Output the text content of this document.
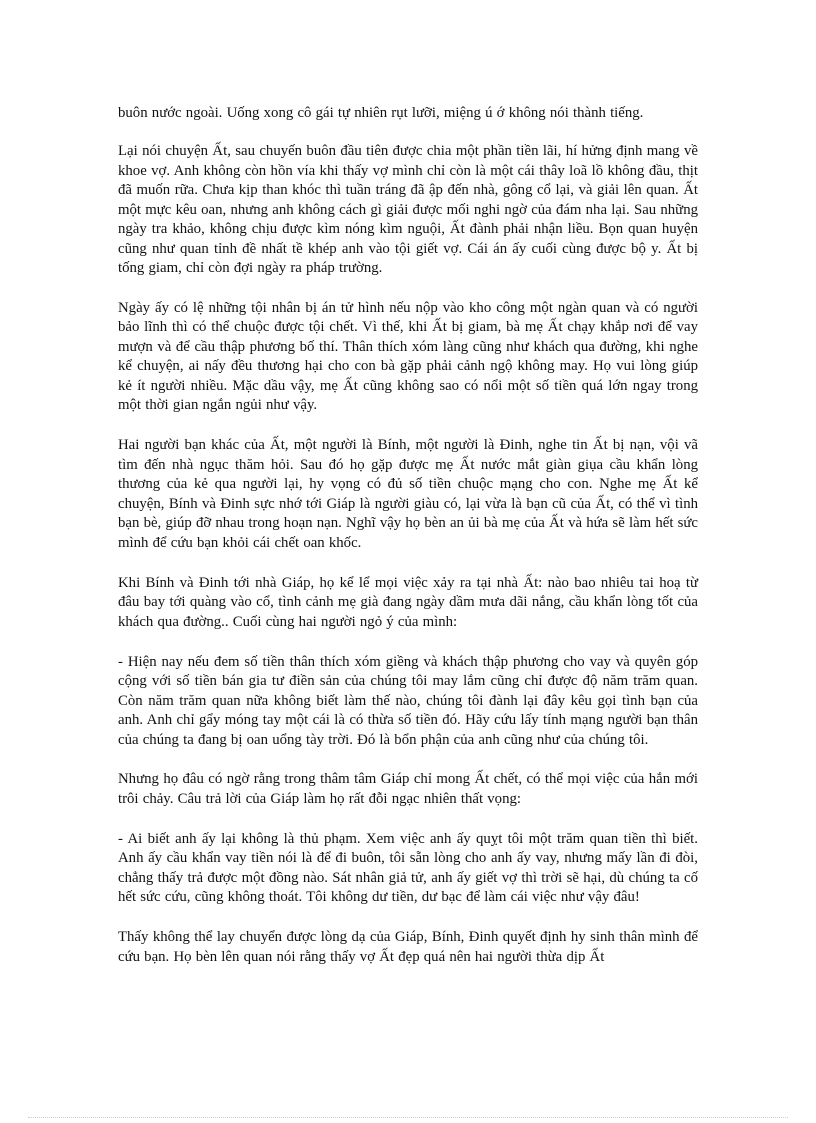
buôn nước ngoài. Uống xong cô gái tự nhiên rụt lưỡi, miệng ú ớ không nói thành tiếng.

Lại nói chuyện Ất, sau chuyến buôn đầu tiên được chia một phần tiền lãi, hí hửng định mang về khoe vợ. Anh không còn hồn vía khi thấy vợ mình chỉ còn là một cái thây loã lồ không đầu, thịt đã muốn rữa. Chưa kịp than khóc thì tuần tráng đã ập đến nhà, gông cổ lại, và giải lên quan. Ất một mực kêu oan, nhưng anh không cách gì giải được mối nghi ngờ của đám nha lại. Sau những ngày tra khảo, không chịu được kìm nóng kìm nguội, Ất đành phải nhận liều. Bọn quan huyện cũng như quan tỉnh đề nhất tề khép anh vào tội giết vợ. Cái án ấy cuối cùng được bộ y. Ất bị tống giam, chỉ còn đợi ngày ra pháp trường.

Ngày ấy có lệ những tội nhân bị án tử hình nếu nộp vào kho công một ngàn quan và có người bảo lĩnh thì có thể chuộc được tội chết. Vì thế, khi Ất bị giam, bà mẹ Ất chạy khắp nơi để vay mượn và để cầu thập phương bố thí. Thân thích xóm làng cũng như khách qua đường, khi nghe kể chuyện, ai nấy đều thương hại cho con bà gặp phải cảnh ngộ không may. Họ vui lòng giúp kẻ ít người nhiều. Mặc dầu vậy, mẹ Ất cũng không sao có nổi một số tiền quá lớn ngay trong một thời gian ngắn ngủi như vậy.

Hai người bạn khác của Ất, một người là Bính, một người là Đinh, nghe tin Ất bị nạn, vội vã tìm đến nhà ngục thăm hỏi. Sau đó họ gặp được mẹ Ất nước mắt giàn giụa cầu khẩn lòng thương của kẻ qua người lại, hy vọng có đủ số tiền chuộc mạng cho con. Nghe mẹ Ất kể chuyện, Bính và Đinh sực nhớ tới Giáp là người giàu có, lại vừa là bạn cũ của Ất, có thể vì tình bạn bè, giúp đỡ nhau trong hoạn nạn. Nghĩ vậy họ bèn an ủi bà mẹ của Ất và hứa sẽ làm hết sức mình để cứu bạn khỏi cái chết oan khốc.

Khi Bính và Đinh tới nhà Giáp, họ kể lể mọi việc xảy ra tại nhà Ất: nào bao nhiêu tai hoạ từ đâu bay tới quàng vào cổ, tình cảnh mẹ già đang ngày dầm mưa dãi nắng, cầu khẩn lòng tốt của khách qua đường.. Cuối cùng hai người ngỏ ý của mình:

- Hiện nay nếu đem số tiền thân thích xóm giềng và khách thập phương cho vay và quyên góp cộng với số tiền bán gia tư điền sản của chúng tôi may lắm cũng chỉ được độ năm trăm quan. Còn năm trăm quan nữa không biết làm thế nào, chúng tôi đành lại đây kêu gọi tình bạn của anh. Anh chỉ gẩy móng tay một cái là có thừa số tiền đó. Hãy cứu lấy tính mạng người bạn thân của chúng ta đang bị oan uổng tày trời. Đó là bổn phận của anh cũng như của chúng tôi.

Nhưng họ đâu có ngờ rằng trong thâm tâm Giáp chỉ mong Ất chết, có thể mọi việc của hắn mới trôi chảy. Câu trả lời của Giáp làm họ rất đỗi ngạc nhiên thất vọng:

- Ai biết anh ấy lại không là thủ phạm. Xem việc anh ấy quỵt tôi một trăm quan tiền thì biết. Anh ấy cầu khẩn vay tiền nói là để đi buôn, tôi sẵn lòng cho anh ấy vay, nhưng mấy lần đi đòi, chẳng thấy trả được một đồng nào. Sát nhân giả tử, anh ấy giết vợ thì trời sẽ hại, dù chúng ta cố hết sức cứu, cũng không thoát. Tôi không dư tiền, dư bạc để làm cái việc như vậy đâu!

Thấy không thể lay chuyển được lòng dạ của Giáp, Bính, Đinh quyết định hy sinh thân mình để cứu bạn. Họ bèn lên quan nói rằng thấy vợ Ất đẹp quá nên hai người thừa dịp Ất
